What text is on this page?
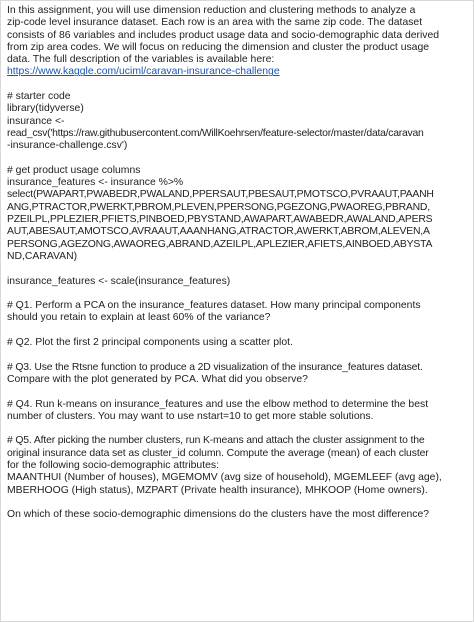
In this assignment, you will use dimension reduction and clustering methods to analyze a
zip-code level insurance dataset. Each row is an area with the same zip code. The dataset
consists of 86 variables and includes product usage data and socio-demographic data derived
from zip area codes. We will focus on reducing the dimension and cluster the product usage
data. The full description of the variables is available here:
https://www.kaggle.com/uciml/caravan-insurance-challenge
# starter code
library(tidyverse)
insurance <-
read_csv('https://raw.githubusercontent.com/WillKoehrsen/feature-selector/master/data/caravan
-insurance-challenge.csv')
# get product usage columns
insurance_features <- insurance %>%
select(PWAPART,PWABEDR,PWALAND,PPERSAUT,PBESAUT,PMOTSCO,PVRAAUT,PAANH
ANG,PTRACTOR,PWERKT,PBROM,PLEVEN,PPERSONG,PGEZONG,PWAOREG,PBRAND,
PZEILPL,PPLEZIER,PFIETS,PINBOED,PBYSTAND,AWAPART,AWABEDR,AWALAND,APERS
AUT,ABESAUT,AMOTSCO,AVRAAUT,AAANHANG,ATRACTOR,AWERKT,ABROM,ALEVEN,A
PERSONG,AGEZONG,AWAOREG,ABRAND,AZEILPL,APLEZIER,AFIETS,AINBOED,ABYSTA
ND,CARAVAN)
insurance_features <- scale(insurance_features)
# Q1. Perform a PCA on the insurance_features dataset. How many principal components
should you retain to explain at least 60% of the variance?
# Q2. Plot the first 2 principal components using a scatter plot.
# Q3. Use the Rtsne function to produce a 2D visualization of the insurance_features dataset.
Compare with the plot generated by PCA. What did you observe?
# Q4. Run k-means on insurance_features and use the elbow method to determine the best
number of clusters. You may want to use nstart=10 to get more stable solutions.
# Q5. After picking the number clusters, run K-means and attach the cluster assignment to the
original insurance data set as cluster_id column. Compute the average (mean) of each cluster
for the following socio-demographic attributes:
MAANTHUI (Number of houses), MGEMOMV (avg size of household), MGEMLEEF (avg age),
MBERHOOG (High status), MZPART (Private health insurance), MHKOOP (Home owners).
On which of these socio-demographic dimensions do the clusters have the most difference?
